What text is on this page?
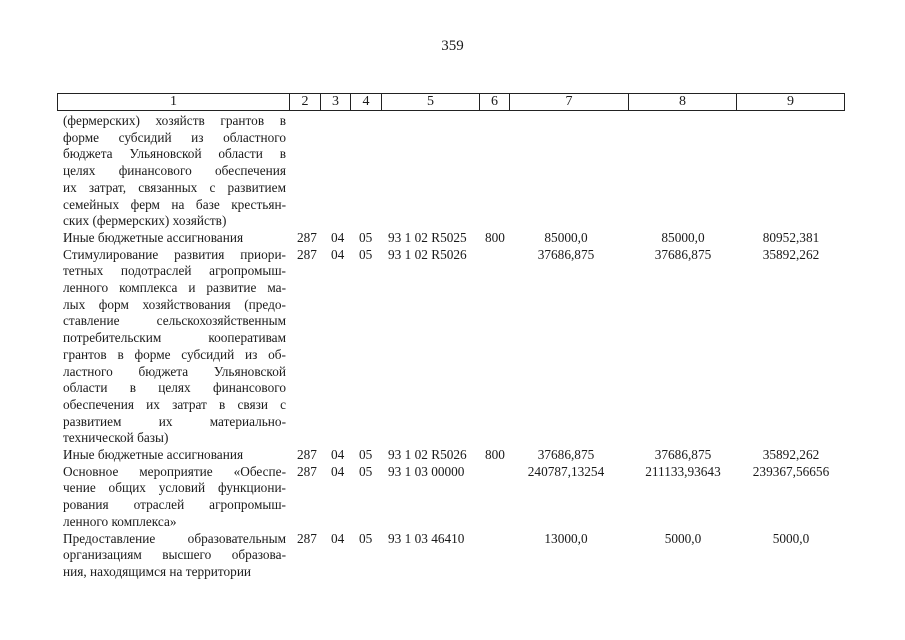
359
1	2	3	4	5	6	7	8	9
(фермерских) хозяйств грантов в
форме субсидий из областного
бюджета Ульяновской области в
целях финансового обеспечения
их затрат, связанных с развитием
семейных ферм на базе крестьян-
ских (фермерских) хозяйств)
Иные бюджетные ассигнования	287 04 05 93 1 02 R5025 800	85000,0	85000,0	80952,381
Стимулирование развития приори-
тетных подотраслей агропромыш-
ленного комплекса и развитие ма-
лых форм хозяйствования (предо-
ставление сельскохозяйственным
потребительским кооперативам
грантов в форме субсидий из об-
ластного бюджета Ульяновской
области в целях финансового
обеспечения их затрат в связи с
развитием их материально-
технической базы)
287 04 05 93 1 02 R5026	37686,875	37686,875	35892,262
Иные бюджетные ассигнования	287 04 05 93 1 02 R5026 800	37686,875	37686,875	35892,262
Основное мероприятие «Обеспе-
чение общих условий функциони-
рования отраслей агропромыш-
ленного комплекса»
287 04 05 93 1 03 00000	240787,13254	211133,93643	239367,56656
Предоставление образовательным
организациям высшего образова-
ния, находящимся на территории
287 04 05 93 1 03 46410	13000,0	5000,0	5000,0
